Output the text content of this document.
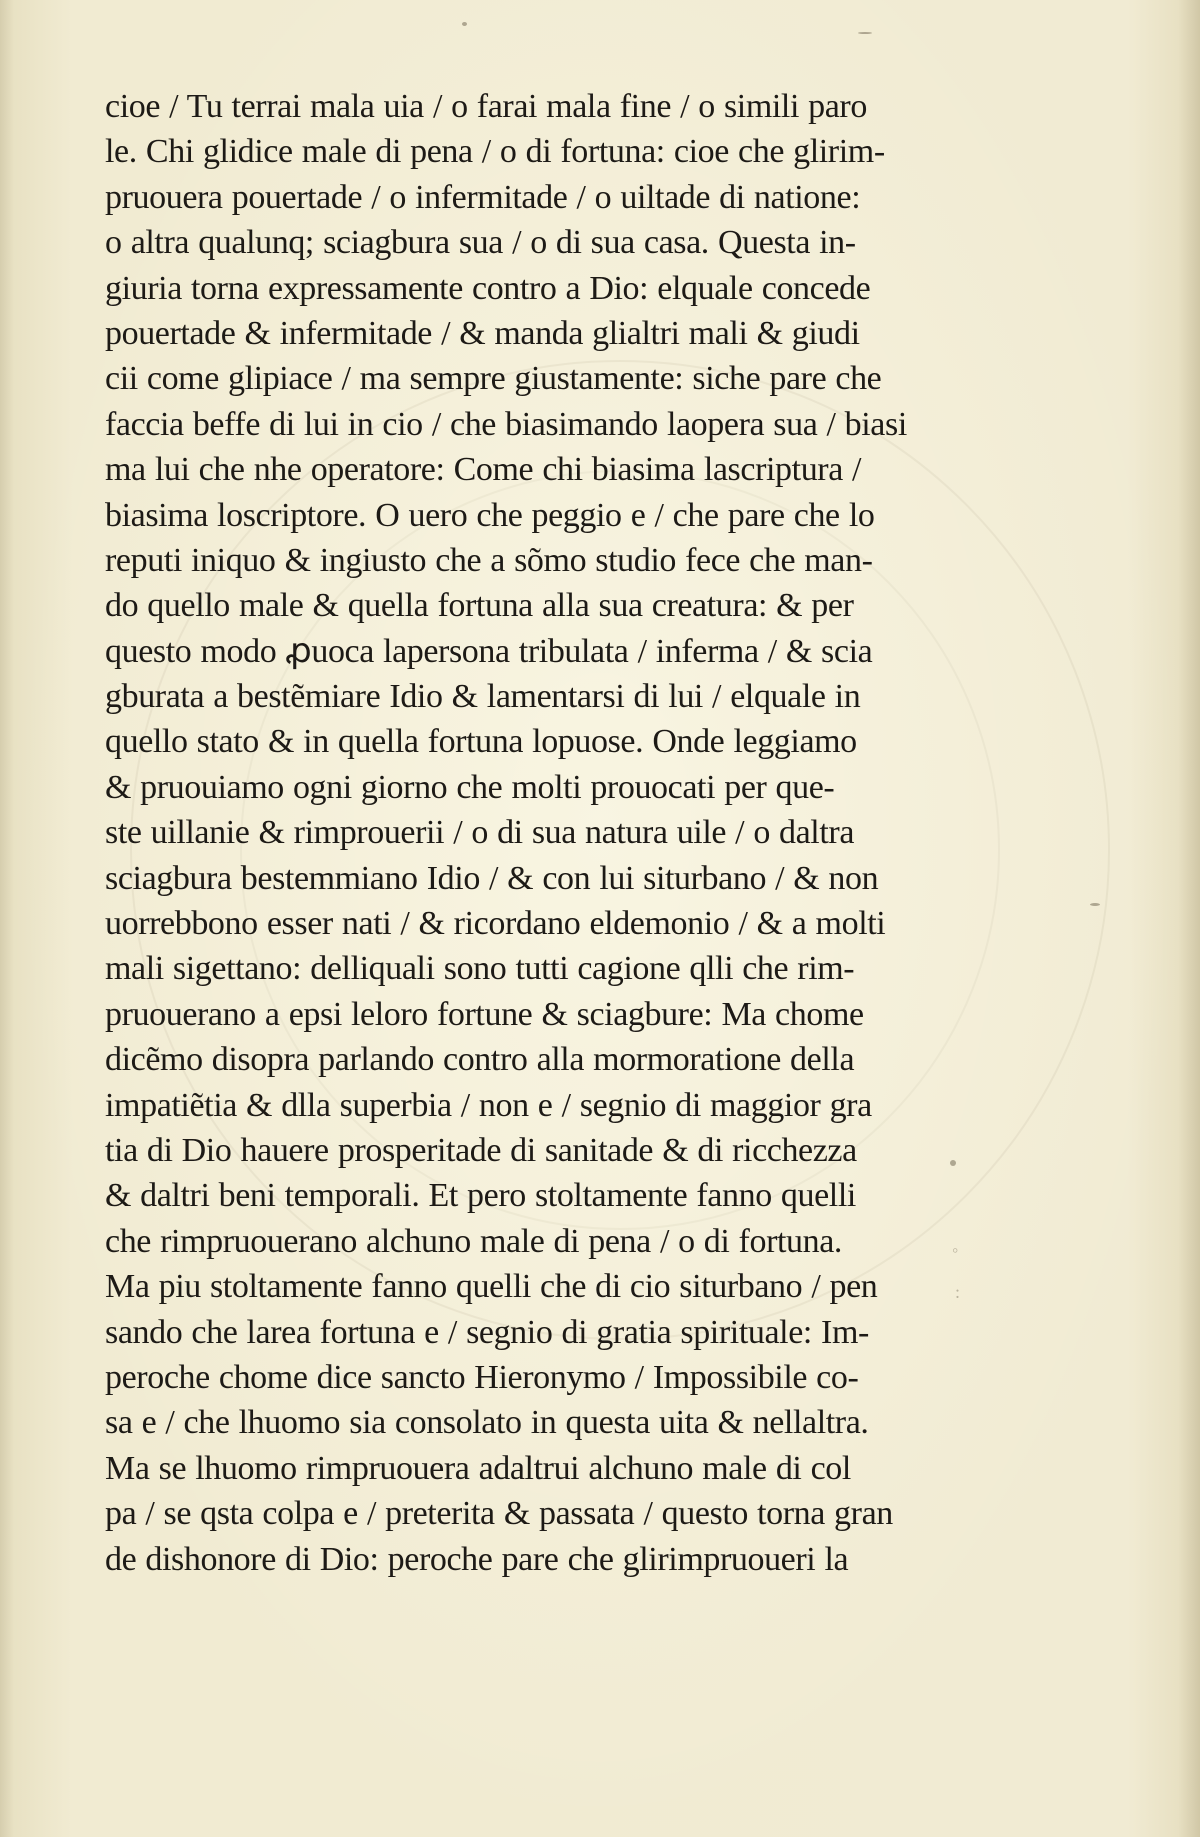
◦
:
cioe / Tu terrai mala uia / o farai mala fine / o simili paro
le. Chi glidice male di pena / o di fortuna: cioe che glirim-
pruouera pouertade / o infermitade / o uiltade di natione:
o altra qualunq; sciagbura sua / o di sua casa. Questa in-
giuria torna expressamente contro a Dio: elquale concede
pouertade & infermitade / & manda glialtri mali & giudi
cii come glipiace / ma sempre giustamente: siche pare che
faccia beffe di lui in cio / che biasimando laopera sua / biasi
ma lui che nhe operatore: Come chi biasima lascriptura /
biasima loscriptore. O uero che peggio e / che pare che lo
reputi iniquo & ingiusto che a sõmo studio fece che man-
do quello male & quella fortuna alla sua creatura: & per
questo modo ꝓuoca lapersona tribulata / inferma / & scia
gburata a bestẽmiare Idio & lamentarsi di lui / elquale in
quello stato & in quella fortuna lopuose. Onde leggiamo
& pruouiamo ogni giorno che molti prouocati per que-
ste uillanie & rimprouerii / o di sua natura uile / o daltra
sciagbura bestemmiano Idio / & con lui siturbano / & non
uorrebbono esser nati / & ricordano eldemonio / & a molti
mali sigettano: delliquali sono tutti cagione qlli che rim-
pruouerano a epsi leloro fortune & sciagbure: Ma chome
dicẽmo disopra parlando contro alla mormoratione della
impatiẽtia & dlla superbia / non e / segnio di maggior gra
tia di Dio hauere prosperitade di sanitade & di ricchezza
& daltri beni temporali. Et pero stoltamente fanno quelli
che rimpruouerano alchuno male di pena / o di fortuna.
Ma piu stoltamente fanno quelli che di cio siturbano / pen
sando che larea fortuna e / segnio di gratia spirituale: Im-
peroche chome dice sancto Hieronymo / Impossibile co-
sa e / che lhuomo sia consolato in questa uita & nellaltra.
Ma se lhuomo rimpruouera adaltrui alchuno male di col
pa / se qsta colpa e / preterita & passata / questo torna gran
de dishonore di Dio: peroche pare che glirimpruoueri la
